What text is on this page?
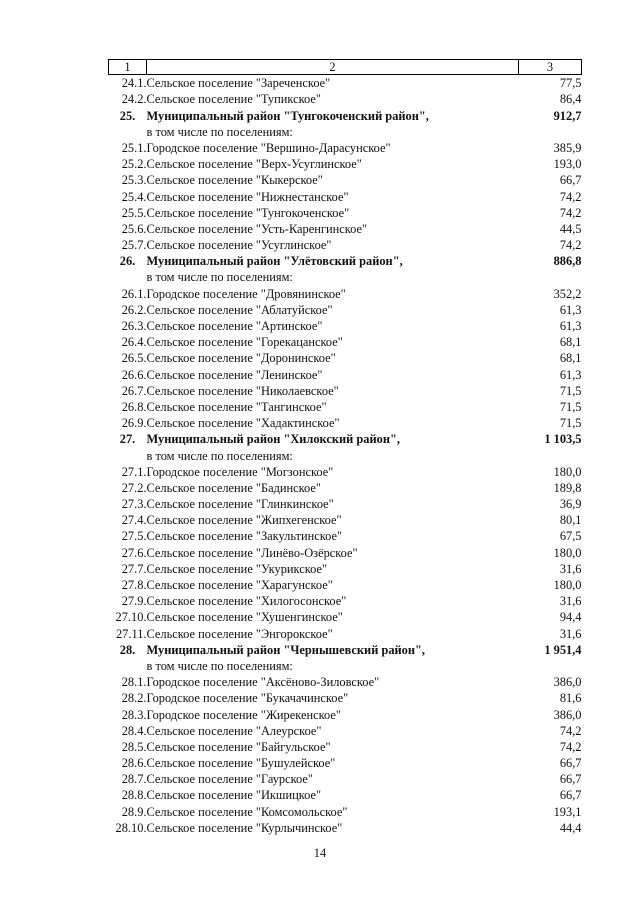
1	2	3
24.1.	Сельское поселение "Зареченское"	77,5
24.2.	Сельское поселение "Тупикское"	86,4
25.	Муниципальный район "Тунгокоченский район",	912,7
	в том числе по поселениям:	
25.1.	Городское поселение "Вершино-Дарасунское"	385,9
25.2.	Сельское поселение "Верх-Усуглинское"	193,0
25.3.	Сельское поселение "Кыкерское"	66,7
25.4.	Сельское поселение "Нижнестанское"	74,2
25.5.	Сельское поселение "Тунгокоченское"	74,2
25.6.	Сельское поселение "Усть-Каренгинское"	44,5
25.7.	Сельское поселение "Усуглинское"	74,2
26.	Муниципальный район "Улётовский район",	886,8
	в том числе по поселениям:	
26.1.	Городское поселение "Дровянинское"	352,2
26.2.	Сельское поселение "Аблатуйское"	61,3
26.3.	Сельское поселение "Артинское"	61,3
26.4.	Сельское поселение "Горекацанское"	68,1
26.5.	Сельское поселение "Доронинское"	68,1
26.6.	Сельское поселение "Ленинское"	61,3
26.7.	Сельское поселение "Николаевское"	71,5
26.8.	Сельское поселение "Тангинское"	71,5
26.9.	Сельское поселение "Хадактинское"	71,5
27.	Муниципальный район "Хилокский район",	1 103,5
	в том числе по поселениям:	
27.1.	Городское поселение "Могзонское"	180,0
27.2.	Сельское поселение "Бадинское"	189,8
27.3.	Сельское поселение "Глинкинское"	36,9
27.4.	Сельское поселение "Жипхегенское"	80,1
27.5.	Сельское поселение "Закультинское"	67,5
27.6.	Сельское поселение "Линёво-Озёрское"	180,0
27.7.	Сельское поселение "Укурикское"	31,6
27.8.	Сельское поселение "Харагунское"	180,0
27.9.	Сельское поселение "Хилогосонское"	31,6
27.10.	Сельское поселение "Хушенгинское"	94,4
27.11.	Сельское поселение "Энгорокское"	31,6
28.	Муниципальный район "Чернышевский район",	1 951,4
	в том числе по поселениям:	
28.1.	Городское поселение "Аксёново-Зиловское"	386,0
28.2.	Городское поселение "Букачачинское"	81,6
28.3.	Городское поселение "Жирекенское"	386,0
28.4.	Сельское поселение "Алеурское"	74,2
28.5.	Сельское поселение "Байгульское"	74,2
28.6.	Сельское поселение "Бушулейское"	66,7
28.7.	Сельское поселение "Гаурское"	66,7
28.8.	Сельское поселение "Икшицкое"	66,7
28.9.	Сельское поселение "Комсомольское"	193,1
28.10.	Сельское поселение "Курлычинское"	44,4
14
